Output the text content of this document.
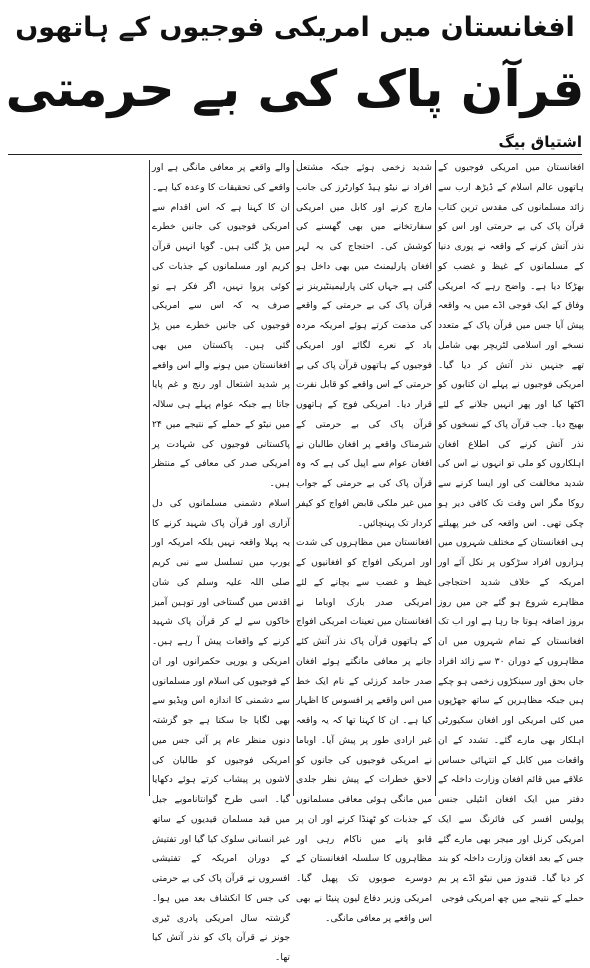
افغانستان میں امریکی فوجیوں کے ہاتھوں
قرآن پاک کی بے حرمتی
اشتیاق بیگ

افغانستان میں امریکی فوجیوں کے ہاتھوں عالم اسلام کے ڈیڑھ ارب سے زائد مسلمانوں کی مقدس ترین کتاب قرآن پاک کی بے حرمتی اور اس کو نذر آتش کرنے کے واقعہ نے پوری دنیا کے مسلمانوں کے غیظ و غضب کو بھڑکا دیا ہے۔ واضح رہے کہ امریکی وفاق کے ایک فوجی اڈے میں یہ واقعہ پیش آیا جس میں قرآن پاک کے متعدد نسخے اور اسلامی لٹریچر بھی شامل تھے جنہیں نذر آتش کر دیا گیا۔ امریکی فوجیوں نے پہلے ان کتابوں کو اکٹھا کیا اور پھر انہیں جلانے کے لئے بھیج دیا۔ جب قرآن پاک کے نسخوں کو نذر آتش کرنے کی اطلاع افغان اہلکاروں کو ملی تو انہوں نے اس کی شدید مخالفت کی اور ایسا کرنے سے روکا مگر اس وقت تک کافی دیر ہو چکی تھی۔ اس واقعہ کی خبر پھیلتے ہی افغانستان کے مختلف شہروں میں ہزاروں افراد سڑکوں پر نکل آئے اور امریکہ کے خلاف شدید احتجاجی مظاہرے شروع ہو گئے جن میں روز بروز اضافہ ہوتا جا رہا ہے اور اب تک افغانستان کے تمام شہروں میں ان مظاہروں کے دوران ۳۰ سے زائد افراد جاں بحق اور سینکڑوں زخمی ہو چکے ہیں جبکہ مظاہرین کے ساتھ جھڑپوں میں کئی امریکی اور افغان سکیورٹی اہلکار بھی مارے گئے۔ تشدد کے ان واقعات میں کابل کے انتہائی حساس علاقے میں قائم افغان وزارت داخلہ کے دفتر میں ایک افغان انٹیلی جنس پولیس افسر کی فائرنگ سے ایک امریکی کرنل اور میجر بھی مارے گئے جس کے بعد افغان وزارت داخلہ کو بند کر دیا گیا۔ قندوز میں نیٹو اڈے پر بم حملے کے نتیجے میں چھ امریکی فوجی

شدید زخمی ہوئے جبکہ مشتعل افراد نے نیٹو ہیڈ کوارٹرز کی جانب مارچ کرنے اور کابل میں امریکی سفارتخانے میں بھی گھسنے کی کوشش کی۔ احتجاج کی یہ لہر افغان پارلیمنٹ میں بھی داخل ہو گئی ہے جہاں کئی پارلیمینٹیرینز نے قرآن پاک کی بے حرمتی کے واقعے کی مذمت کرتے ہوئے امریکہ مردہ باد کے نعرے لگائے اور امریکی فوجیوں کے ہاتھوں قرآن پاک کی بے حرمتی کے اس واقعے کو قابل نفرت قرار دیا۔ امریکی فوج کے ہاتھوں قرآن پاک کی بے حرمتی کے شرمناک واقعے پر افغان طالبان نے افغان عوام سے اپیل کی ہے کہ وہ قرآن پاک کی بے حرمتی کے جواب میں غیر ملکی قابض افواج کو کیفر کردار تک پہنچائیں۔

افغانستان میں مظاہروں کی شدت اور امریکی افواج کو افغانیوں کے غیظ و غضب سے بچانے کے لئے امریکی صدر بارک اوباما نے افغانستان میں تعینات امریکی افواج کے ہاتھوں قرآن پاک نذر آتش کئے جانے پر معافی مانگتے ہوئے افغان صدر حامد کرزئی کے نام ایک خط میں اس واقعے پر افسوس کا اظہار کیا ہے۔ ان کا کہنا تھا کہ یہ واقعہ غیر ارادی طور پر پیش آیا۔ اوباما نے امریکی فوجیوں کی جانوں کو لاحق خطرات کے پیش نظر جلدی میں مانگی ہوئی معافی مسلمانوں کے جذبات کو ٹھنڈا کرنے اور ان پر قابو پانے میں ناکام رہی اور مظاہروں کا سلسلہ افغانستان کے دوسرے صوبوں تک پھیل گیا۔ امریکی وزیر دفاع لیون پنیٹا نے بھی اس واقعے پر معافی مانگی۔

والے واقعے پر معافی مانگی ہے اور واقعے کی تحقیقات کا وعدہ کیا ہے۔ ان کا کہنا ہے کہ اس اقدام سے امریکی فوجیوں کی جانیں خطرے میں پڑ گئی ہیں۔ گویا انہیں قرآن کریم اور مسلمانوں کے جذبات کی کوئی پروا نہیں، اگر فکر ہے تو صرف یہ کہ اس سے امریکی فوجیوں کی جانیں خطرے میں پڑ گئی ہیں۔ پاکستان میں بھی افغانستان میں ہونے والے اس واقعے پر شدید اشتعال اور رنج و غم پایا جاتا ہے جبکہ عوام پہلے ہی سلالہ میں نیٹو کے حملے کے نتیجے میں ۲۴ پاکستانی فوجیوں کی شہادت پر امریکی صدر کی معافی کے منتظر ہیں۔

اسلام دشمنی مسلمانوں کی دل آزاری اور قرآن پاک شہید کرنے کا یہ پہلا واقعہ نہیں بلکہ امریکہ اور یورپ میں تسلسل سے نبی کریم صلی اللہ علیہ وسلم کی شان اقدس میں گستاخی اور توہین آمیز خاکوں سے لے کر قرآن پاک شہید کرنے کے واقعات پیش آ رہے ہیں۔ امریکی و یورپی حکمرانوں اور ان کے فوجیوں کی اسلام اور مسلمانوں سے دشمنی کا اندازہ اس ویڈیو سے بھی لگایا جا سکتا ہے جو گزشتہ دنوں منظر عام پر آئی جس میں امریکی فوجیوں کو طالبان کی لاشوں پر پیشاب کرتے ہوئے دکھایا گیا۔ اسی طرح گوانتاناموبے جیل میں قید مسلمان قیدیوں کے ساتھ غیر انسانی سلوک کیا گیا اور تفتیش کے دوران امریکہ کے تفتیشی افسروں نے قرآن پاک کی بے حرمتی کی جس کا انکشاف بعد میں ہوا۔ گزشتہ سال امریکی پادری ٹیری جونز نے قرآن پاک کو نذر آتش کیا تھا۔
